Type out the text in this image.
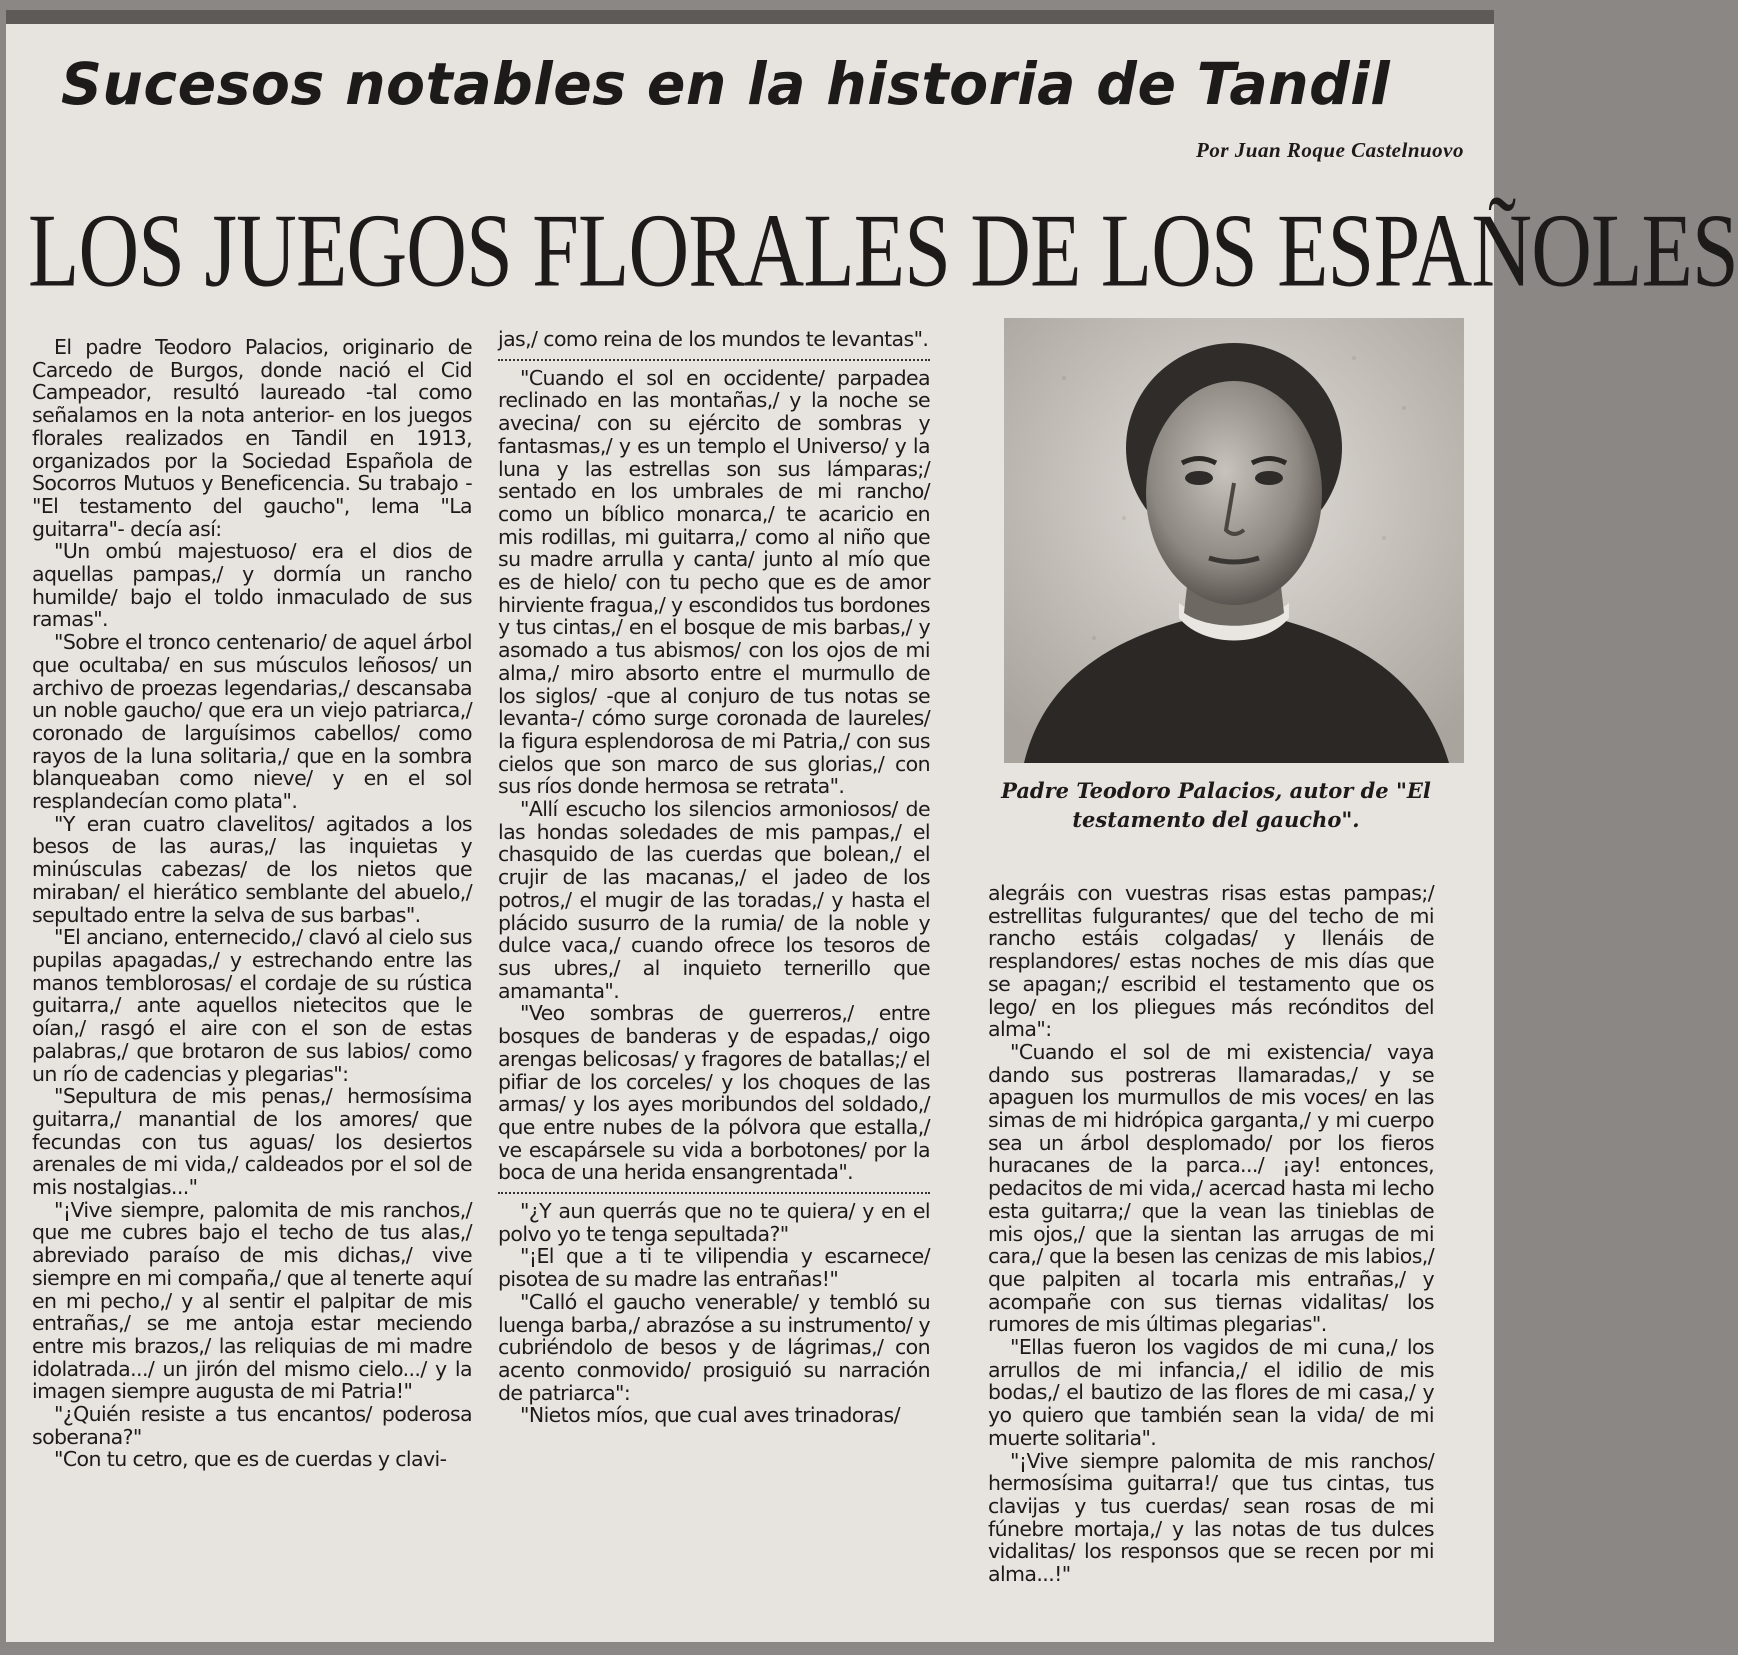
Sucesos notables en la historia de Tandil
Por Juan Roque Castelnuovo
LOS JUEGOS FLORALES DE LOS ESPAÑOLES

El padre Teodoro Palacios, originario de Carcedo de Burgos, donde nació el Cid Campeador, resultó laureado -tal como señalamos en la nota anterior- en los juegos florales realizados en Tandil en 1913, organizados por la Sociedad Española de Socorros Mutuos y Beneficencia. Su trabajo -"El testamento del gaucho", lema "La guitarra"- decía así:

"Un ombú majestuoso/ era el dios de aquellas pampas,/ y dormía un rancho humilde/ bajo el toldo inmaculado de sus ramas".

"Sobre el tronco centenario/ de aquel árbol que ocultaba/ en sus músculos leñosos/ un archivo de proezas legendarias,/ descansaba un noble gaucho/ que era un viejo patriarca,/ coronado de larguísimos cabellos/ como rayos de la luna solitaria,/ que en la sombra blanqueaban como nieve/ y en el sol resplandecían como plata".

"Y eran cuatro clavelitos/ agitados a los besos de las auras,/ las inquietas y minúsculas cabezas/ de los nietos que miraban/ el hierático semblante del abuelo,/ sepultado entre la selva de sus barbas".

"El anciano, enternecido,/ clavó al cielo sus pupilas apagadas,/ y estrechando entre las manos temblorosas/ el cordaje de su rústica guitarra,/ ante aquellos nietecitos que le oían,/ rasgó el aire con el son de estas palabras,/ que brotaron de sus labios/ como un río de cadencias y plegarias":

"Sepultura de mis penas,/ hermosísima guitarra,/ manantial de los amores/ que fecundas con tus aguas/ los desiertos arenales de mi vida,/ caldeados por el sol de mis nostalgias..."

"¡Vive siempre, palomita de mis ranchos,/ que me cubres bajo el techo de tus alas,/ abreviado paraíso de mis dichas,/ vive siempre en mi compaña,/ que al tenerte aquí en mi pecho,/ y al sentir el palpitar de mis entrañas,/ se me antoja estar meciendo entre mis brazos,/ las reliquias de mi madre idolatrada.../ un jirón del mismo cielo.../ y la imagen siempre augusta de mi Patria!"

"¿Quién resiste a tus encantos/ poderosa soberana?"

"Con tu cetro, que es de cuerdas y clavi-

jas,/ como reina de los mundos te levantas".

"Cuando el sol en occidente/ parpadea reclinado en las montañas,/ y la noche se avecina/ con su ejército de sombras y fantasmas,/ y es un templo el Universo/ y la luna y las estrellas son sus lámparas;/ sentado en los umbrales de mi rancho/ como un bíblico monarca,/ te acaricio en mis rodillas, mi guitarra,/ como al niño que su madre arrulla y canta/ junto al mío que es de hielo/ con tu pecho que es de amor hirviente fragua,/ y escondidos tus bordones y tus cintas,/ en el bosque de mis barbas,/ y asomado a tus abismos/ con los ojos de mi alma,/ miro absorto entre el murmullo de los siglos/ -que al conjuro de tus notas se levanta-/ cómo surge coronada de laureles/ la figura esplendorosa de mi Patria,/ con sus cielos que son marco de sus glorias,/ con sus ríos donde hermosa se retrata".

"Allí escucho los silencios armoniosos/ de las hondas soledades de mis pampas,/ el chasquido de las cuerdas que bolean,/ el crujir de las macanas,/ el jadeo de los potros,/ el mugir de las toradas,/ y hasta el plácido susurro de la rumia/ de la noble y dulce vaca,/ cuando ofrece los tesoros de sus ubres,/ al inquieto ternerillo que amamanta".

"Veo sombras de guerreros,/ entre bosques de banderas y de espadas,/ oigo arengas belicosas/ y fragores de batallas;/ el pifiar de los corceles/ y los choques de las armas/ y los ayes moribundos del soldado,/ que entre nubes de la pólvora que estalla,/ ve escapársele su vida a borbotones/ por la boca de una herida ensangrentada".

"¿Y aun querrás que no te quiera/ y en el polvo yo te tenga sepultada?"

"¡El que a ti te vilipendia y escarnece/ pisotea de su madre las entrañas!"

"Calló el gaucho venerable/ y tembló su luenga barba,/ abrazóse a su instrumento/ y cubriéndolo de besos y de lágrimas,/ con acento conmovido/ prosiguió su narración de patriarca":

"Nietos míos, que cual aves trinadoras/

Padre Teodoro Palacios, autor de "El testamento del gaucho".

alegráis con vuestras risas estas pampas;/ estrellitas fulgurantes/ que del techo de mi rancho estáis colgadas/ y llenáis de resplandores/ estas noches de mis días que se apagan;/ escribid el testamento que os lego/ en los pliegues más recónditos del alma":

"Cuando el sol de mi existencia/ vaya dando sus postreras llamaradas,/ y se apaguen los murmullos de mis voces/ en las simas de mi hidrópica garganta,/ y mi cuerpo sea un árbol desplomado/ por los fieros huracanes de la parca.../ ¡ay! entonces, pedacitos de mi vida,/ acercad hasta mi lecho esta guitarra;/ que la vean las tinieblas de mis ojos,/ que la sientan las arrugas de mi cara,/ que la besen las cenizas de mis labios,/ que palpiten al tocarla mis entrañas,/ y acompañe con sus tiernas vidalitas/ los rumores de mis últimas plegarias".

"Ellas fueron los vagidos de mi cuna,/ los arrullos de mi infancia,/ el idilio de mis bodas,/ el bautizo de las flores de mi casa,/ y yo quiero que también sean la vida/ de mi muerte solitaria".

"¡Vive siempre palomita de mis ranchos/ hermosísima guitarra!/ que tus cintas, tus clavijas y tus cuerdas/ sean rosas de mi fúnebre mortaja,/ y las notas de tus dulces vidalitas/ los responsos que se recen por mi alma...!"
